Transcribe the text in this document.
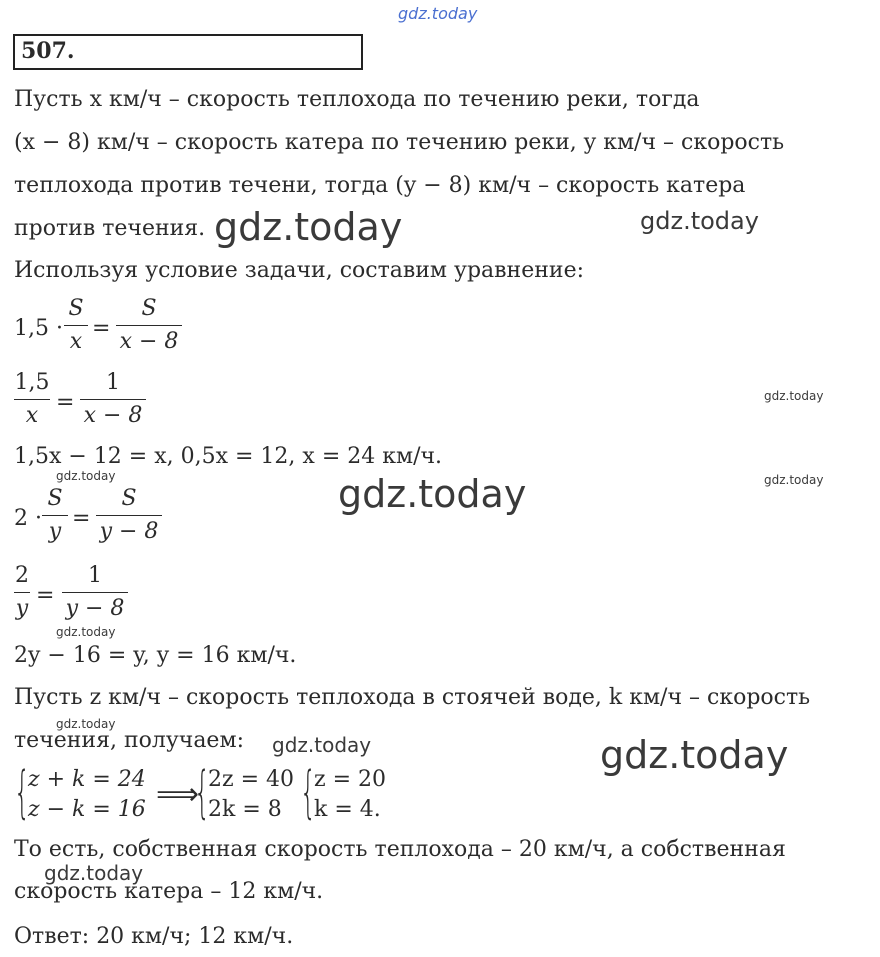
gdz.today
507.
Пусть x км/ч – скорость теплохода по течению реки, тогда
(x − 8) км/ч – скорость катера по течению реки, y км/ч – скорость
теплохода против течени, тогда (y − 8) км/ч – скорость катера
против течения. gdz.today	gdz.today
Используя условие задачи, составим уравнение:
1,5 ·
S
x
=
S
x − 8
1,5
x
=
1
x − 8
gdz.today
1,5x − 12 = x, 0,5x = 12, x = 24 км/ч.
gdz.today	gdz.today
gdz.today
2 ·
S
y
=
S
y − 8
2
y
=
1
y − 8
gdz.today
2y − 16 = y, y = 16 км/ч.
Пусть z км/ч – скорость теплохода в стоячей воде, k км/ч – скорость
gdz.today
течения, получаем: gdz.today	gdz.today
{
z + k = 24
z − k = 16 ⟹
{
2z = 40
2k = 8 {
z = 20
k = 4.
То есть, собственная скорость теплохода – 20 км/ч, а собственная
gdz.today
скорость катера – 12 км/ч.
Ответ: 20 км/ч; 12 км/ч.
